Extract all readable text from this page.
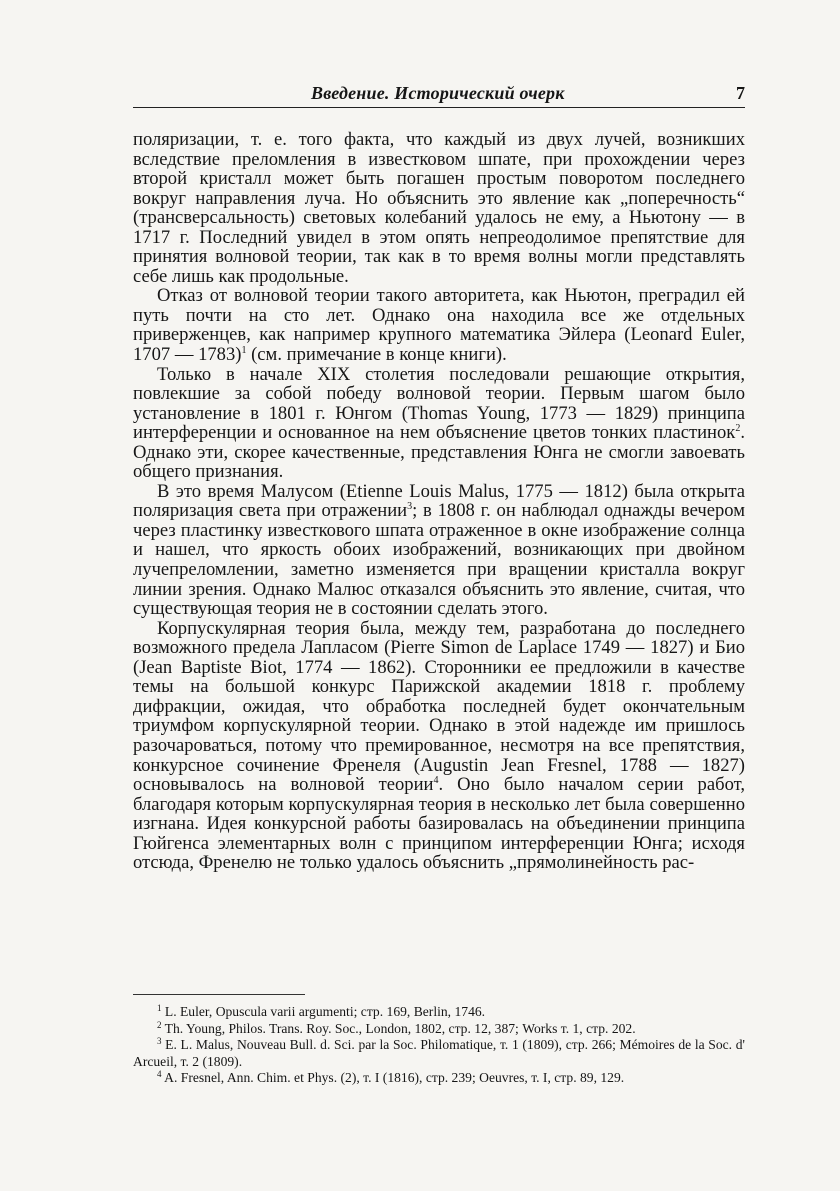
Введение. Исторический очерк	7

поляризации, т. е. того факта, что каждый из двух лучей, возникших вследствие преломления в известковом шпате, при прохождении через второй кристалл может быть погашен простым поворотом последнего вокруг направления луча. Но объяснить это явление как „поперечность“ (трансверсальность) световых колебаний удалось не ему, а Ньютону — в 1717 г. Последний увидел в этом опять непреодолимое препятствие для принятия волновой теории, так как в то время волны могли представлять себе лишь как продольные.

Отказ от волновой теории такого авторитета, как Ньютон, преградил ей путь почти на сто лет. Однако она находила все же отдельных приверженцев, как например крупного математика Эйлера (Leonard Euler, 1707 — 1783)$^1$ (см. примечание в конце книги).

Только в начале XIX столетия последовали решающие открытия, повлекшие за собой победу волновой теории. Первым шагом было установление в 1801 г. Юнгом (Thomas Young, 1773 — 1829) принципа интерференции и основанное на нем объяснение цветов тонких пластинок$^2$. Однако эти, скорее качественные, представления Юнга не смогли завоевать общего признания.

В это время Малусом (Etienne Louis Malus, 1775 — 1812) была открыта поляризация света при отражении$^3$; в 1808 г. он наблюдал однажды вечером через пластинку известкового шпата отраженное в окне изображение солнца и нашел, что яркость обоих изображений, возникающих при двойном лучепреломлении, заметно изменяется при вращении кристалла вокруг линии зрения. Однако Малюс отказался объяснить это явление, считая, что существующая теория не в состоянии сделать этого.

Корпускулярная теория была, между тем, разработана до последнего возможного предела Лапласом (Pierre Simon de Laplace 1749 — 1827) и Био (Jean Baptiste Biot, 1774 — 1862). Сторонники ее предложили в качестве темы на большой конкурс Парижской академии 1818 г. проблему дифракции, ожидая, что обработка последней будет окончательным триумфом корпускулярной теории. Однако в этой надежде им пришлось разочароваться, потому что премированное, несмотря на все препятствия, конкурсное сочинение Френеля (Augustin Jean Fresnel, 1788 — 1827) основывалось на волновой теории$^4$. Оно было началом серии работ, благодаря которым корпускулярная теория в несколько лет была совершенно изгнана. Идея конкурсной работы базировалась на объединении принципа Гюйгенса элементарных волн с принципом интерференции Юнга; исходя отсюда, Френелю не только удалось объяснить „прямолинейность рас-

$^1$ L. Euler, Opuscula varii argumenti; стр. 169, Berlin, 1746.

$^2$ Th. Young, Philos. Trans. Roy. Soc., London, 1802, стр. 12, 387; Works т. 1, стр. 202.

$^3$ E. L. Malus, Nouveau Bull. d. Sci. par la Soc. Philomatique, т. 1 (1809), стр. 266; Mémoires de la Soc. d' Arcueil, т. 2 (1809).

$^4$ A. Fresnel, Ann. Chim. et Phys. (2), т. I (1816), стр. 239; Oeuvres, т. I, стр. 89, 129.
